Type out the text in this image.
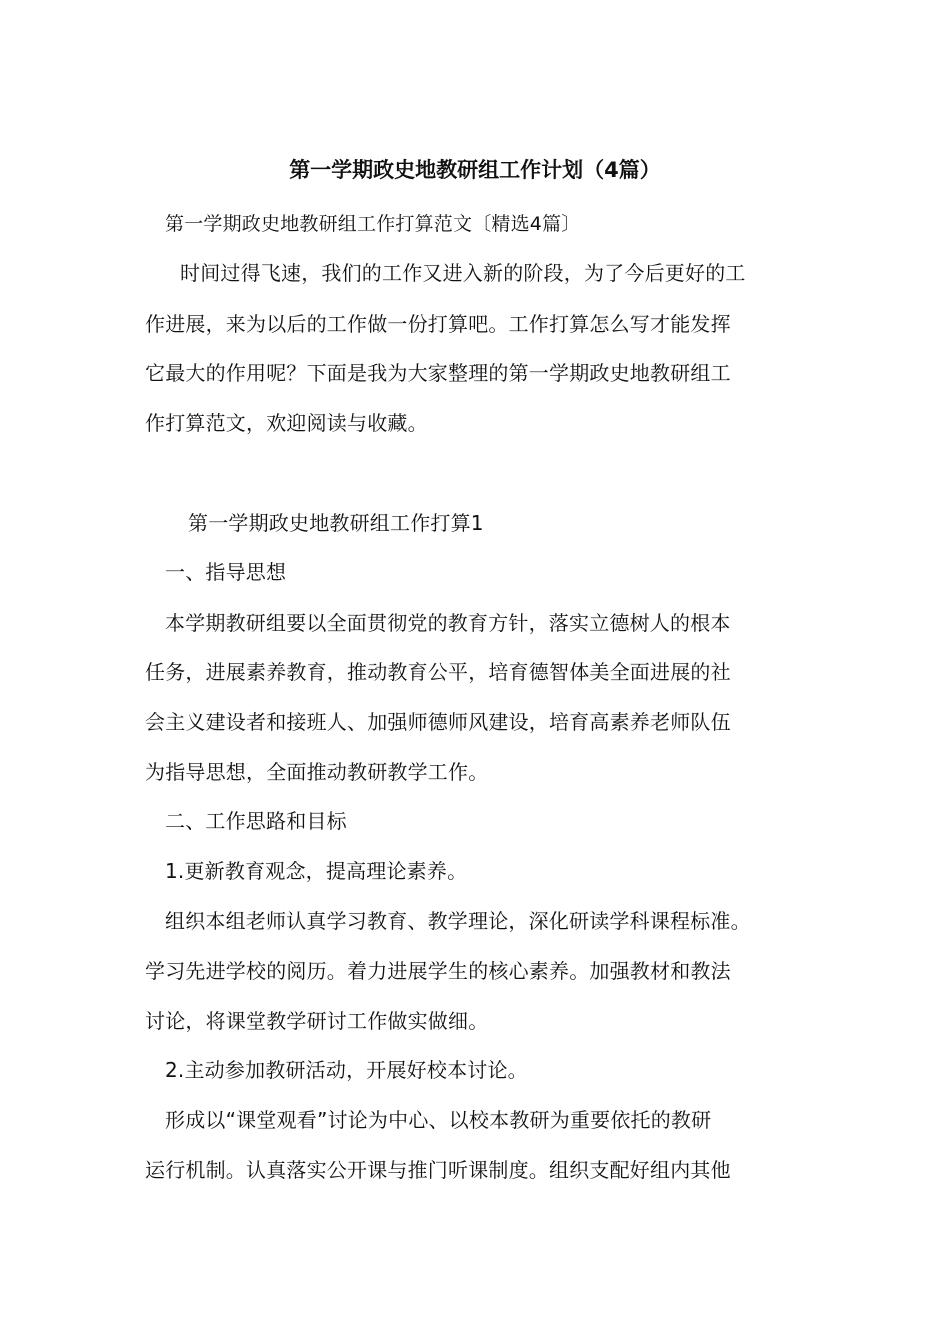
第一学期政史地教研组工作计划（4篇）
第一学期政史地教研组工作打算范文〔精选4篇〕
时间过得飞速，我们的工作又进入新的阶段，为了今后更好的工
作进展，来为以后的工作做一份打算吧。工作打算怎么写才能发挥
它最大的作用呢？下面是我为大家整理的第一学期政史地教研组工
作打算范文，欢迎阅读与收藏。
第一学期政史地教研组工作打算1
一、指导思想
本学期教研组要以全面贯彻党的教育方针，落实立德树人的根本
任务，进展素养教育，推动教育公平，培育德智体美全面进展的社
会主义建设者和接班人、加强师德师风建设，培育高素养老师队伍
为指导思想，全面推动教研教学工作。
二、工作思路和目标
1.更新教育观念，提高理论素养。
组织本组老师认真学习教育、教学理论，深化研读学科课程标准。
学习先进学校的阅历。着力进展学生的核心素养。加强教材和教法
讨论，将课堂教学研讨工作做实做细。
2.主动参加教研活动，开展好校本讨论。
形成以“课堂观看”讨论为中心、以校本教研为重要依托的教研
运行机制。认真落实公开课与推门听课制度。组织支配好组内其他
